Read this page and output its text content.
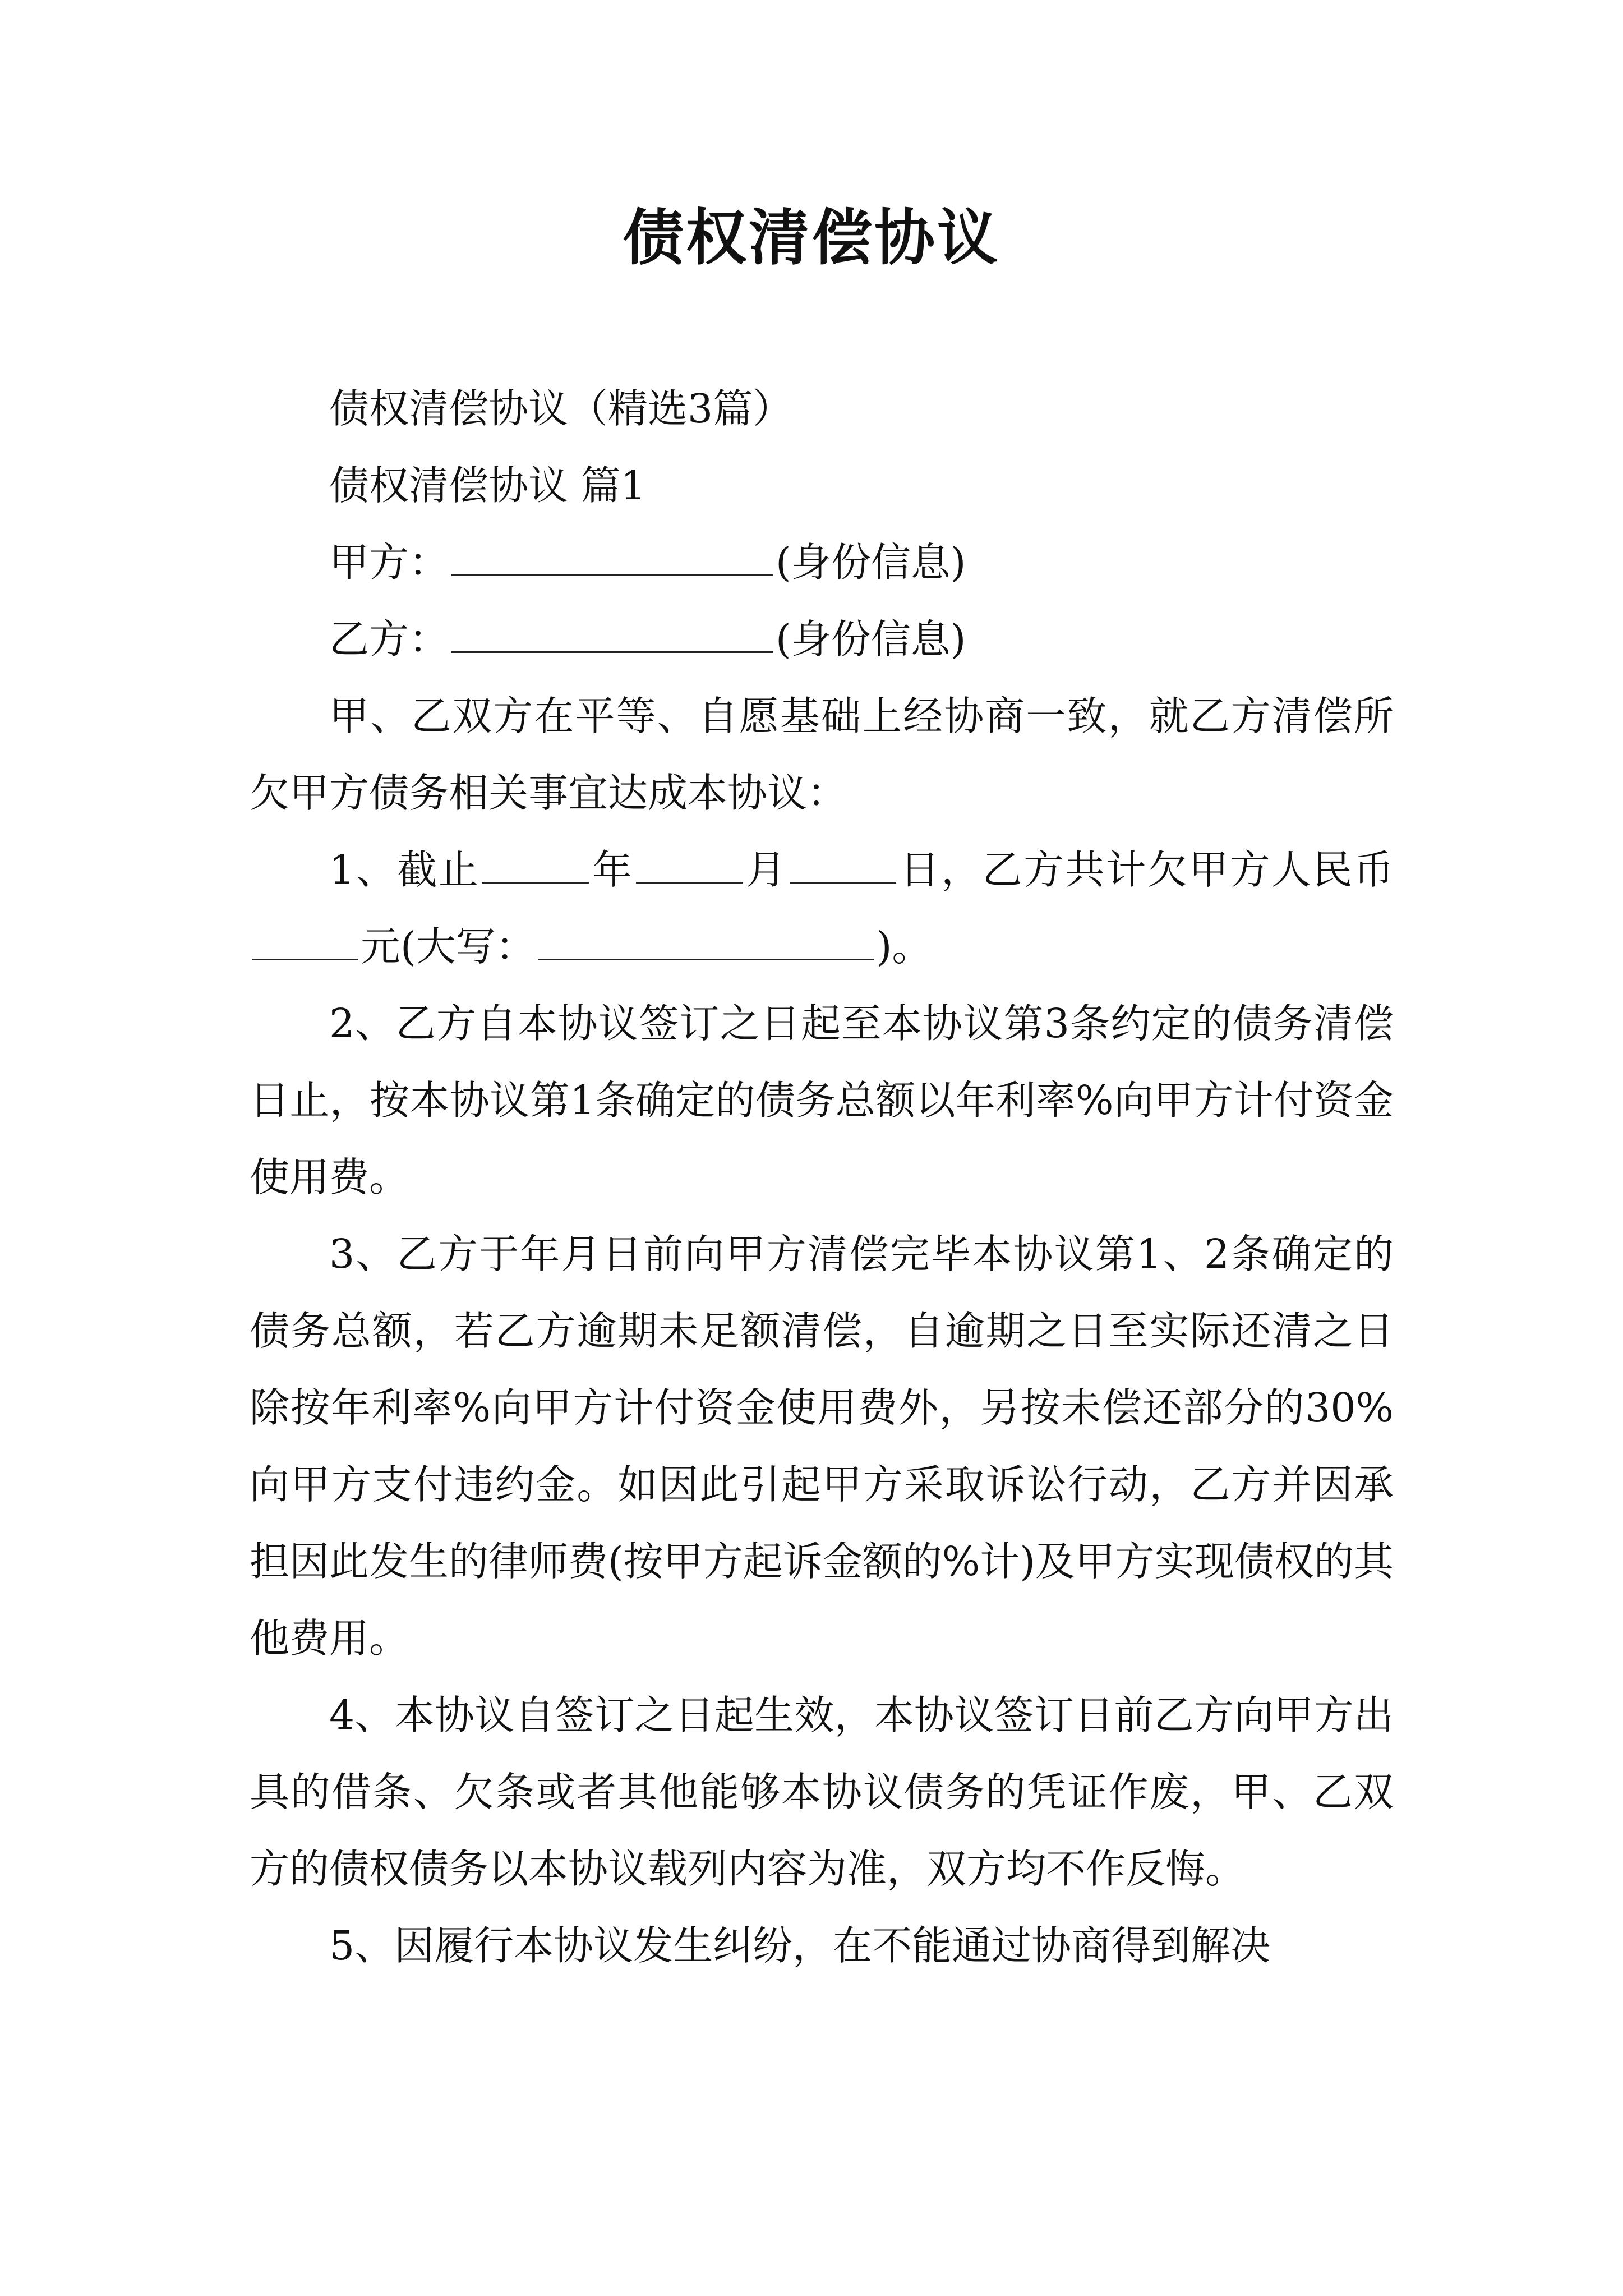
债权清偿协议

债权清偿协议（精选3篇）

债权清偿协议 篇1

甲方：	(身份信息)

乙方：	(身份信息)

甲、乙双方在平等、自愿基础上经协商一致，就乙方清偿所欠甲方债务相关事宜达成本协议：

1、截止	年	月	日，乙方共计欠甲方人民币元(大写：	)。

2、乙方自本协议签订之日起至本协议第3条约定的债务清偿日止，按本协议第1条确定的债务总额以年利率%向甲方计付资金使用费。

3、乙方于年月日前向甲方清偿完毕本协议第1、2条确定的债务总额，若乙方逾期未足额清偿，自逾期之日至实际还清之日除按年利率%向甲方计付资金使用费外，另按未偿还部分的30%向甲方支付违约金。如因此引起甲方采取诉讼行动，乙方并因承担因此发生的律师费(按甲方起诉金额的%计)及甲方实现债权的其他费用。

4、本协议自签订之日起生效，本协议签订日前乙方向甲方出具的借条、欠条或者其他能够本协议债务的凭证作废，甲、乙双方的债权债务以本协议载列内容为准，双方均不作反悔。

5、因履行本协议发生纠纷，在不能通过协商得到解决
